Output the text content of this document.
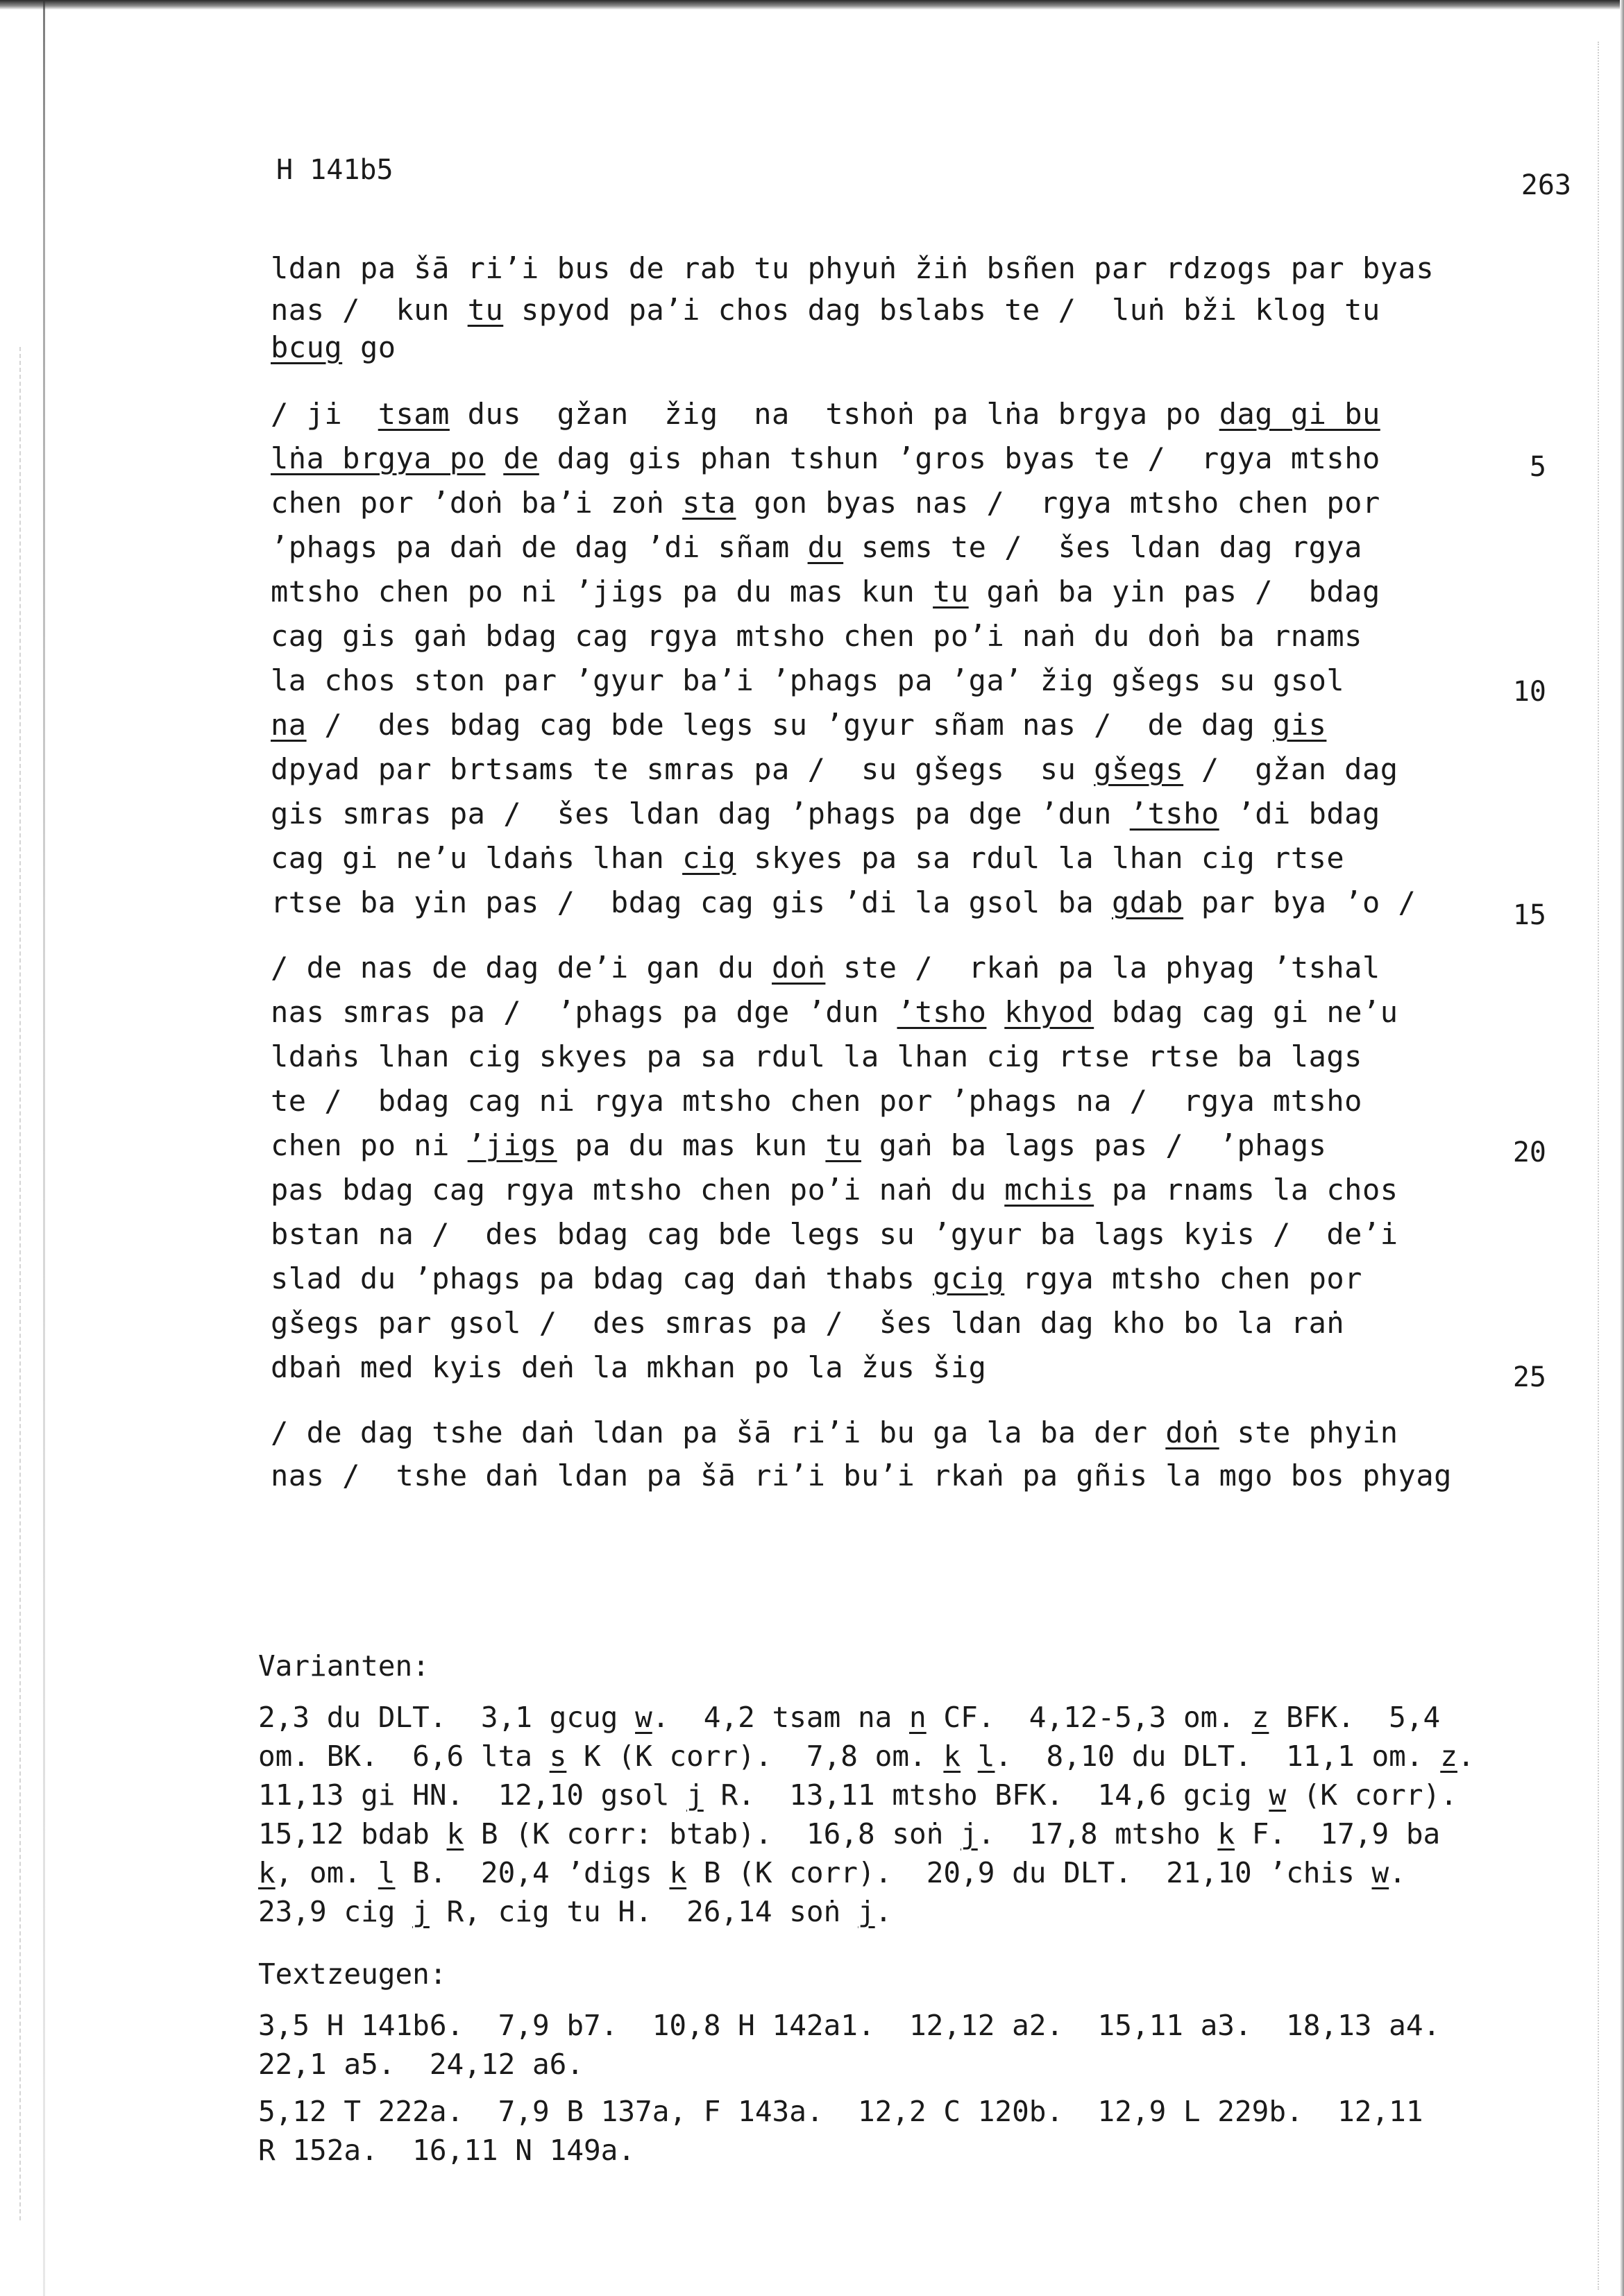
H 141b5	263
ldan pa šā ri’i bus de rab tu phyuṅ žiṅ bsñen par rdzogs par byas
nas /  kun tu spyod pa’i chos dag bslabs te /  luṅ bži klog tu
bcug go
/ ji  tsam dus  gžan  žig  na  tshoṅ pa lṅa brgya po dag gi bu
lṅa brgya po de dag gis phan tshun ’gros byas te /  rgya mtsho
chen por ’doṅ ba’i zoṅ sta gon byas nas /  rgya mtsho chen por
’phags pa daṅ de dag ’di sñam du sems te /  šes ldan dag rgya
mtsho chen po ni ’jigs pa du mas kun tu gaṅ ba yin pas /  bdag
cag gis gaṅ bdag cag rgya mtsho chen po’i naṅ du doṅ ba rnams
la chos ston par ’gyur ba’i ’phags pa ’ga’ žig gšegs su gsol
na /  des bdag cag bde legs su ’gyur sñam nas /  de dag gis
dpyad par brtsams te smras pa /  su gšegs  su gšegs /  gžan dag
gis smras pa /  šes ldan dag ’phags pa dge ’dun ’tsho ’di bdag
cag gi ne’u ldaṅs lhan cig skyes pa sa rdul la lhan cig rtse
rtse ba yin pas /  bdag cag gis ’di la gsol ba gdab par bya ’o /
/ de nas de dag de’i gan du doṅ ste /  rkaṅ pa la phyag ’tshal
nas smras pa /  ’phags pa dge ’dun ’tsho khyod bdag cag gi ne’u
ldaṅs lhan cig skyes pa sa rdul la lhan cig rtse rtse ba lags
te /  bdag cag ni rgya mtsho chen por ’phags na /  rgya mtsho
chen po ni ’jigs pa du mas kun tu gaṅ ba lags pas /  ’phags
pas bdag cag rgya mtsho chen po’i naṅ du mchis pa rnams la chos
bstan na /  des bdag cag bde legs su ’gyur ba lags kyis /  de’i
slad du ’phags pa bdag cag daṅ thabs gcig rgya mtsho chen por
gšegs par gsol /  des smras pa /  šes ldan dag kho bo la raṅ
dbaṅ med kyis deṅ la mkhan po la žus šig
/ de dag tshe daṅ ldan pa šā ri’i bu ga la ba der doṅ ste phyin
nas /  tshe daṅ ldan pa šā ri’i bu’i rkaṅ pa gñis la mgo bos phyag
5
10
15
20
25
Varianten:
2,3 du DLT.  3,1 gcug w.  4,2 tsam na n CF.  4,12-5,3 om. z BFK.  5,4
om. BK.  6,6 lta s K (K corr).  7,8 om. k l.  8,10 du DLT.  11,1 om. z.
11,13 gi HN.  12,10 gsol j R.  13,11 mtsho BFK.  14,6 gcig w (K corr).
15,12 bdab k B (K corr: btab).  16,8 soṅ j.  17,8 mtsho k F.  17,9 ba
k, om. l B.  20,4 ’digs k B (K corr).  20,9 du DLT.  21,10 ’chis w.
23,9 cig j R, cig tu H.  26,14 soṅ j.
Textzeugen:
3,5 H 141b6.  7,9 b7.  10,8 H 142a1.  12,12 a2.  15,11 a3.  18,13 a4.
22,1 a5.  24,12 a6.
5,12 T 222a.  7,9 B 137a, F 143a.  12,2 C 120b.  12,9 L 229b.  12,11
R 152a.  16,11 N 149a.
